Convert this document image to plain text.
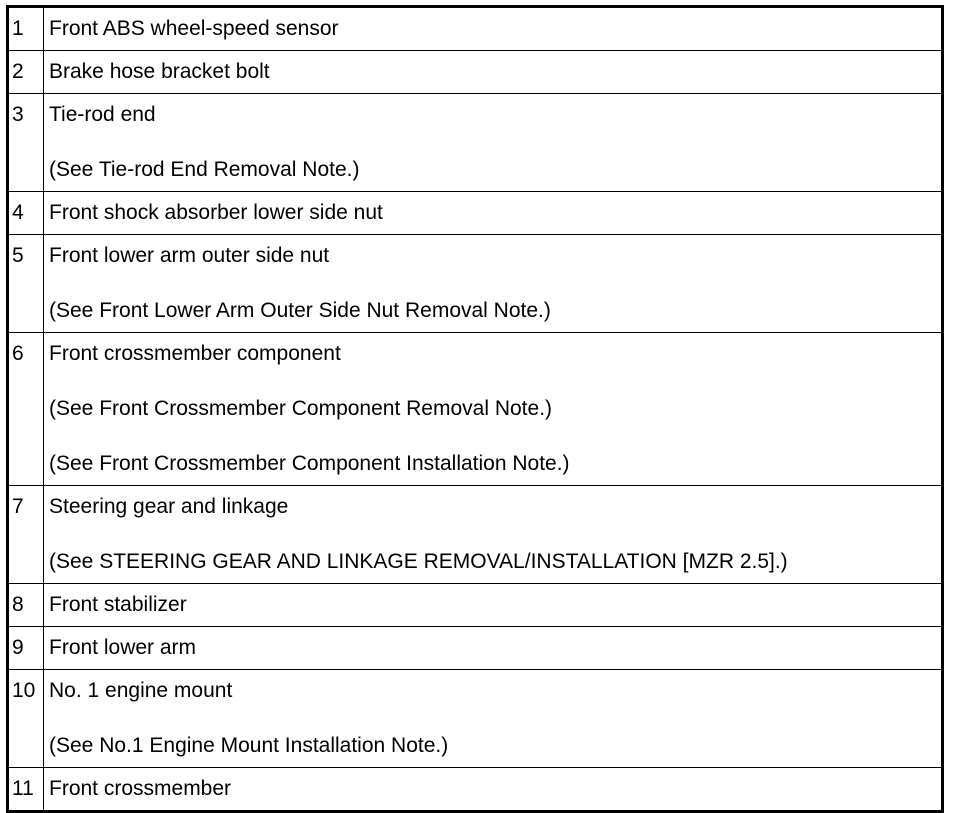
1	Front ABS wheel-speed sensor

2	Brake hose bracket bolt

3	Tie-rod end
(See Tie-rod End Removal Note.)

4	Front shock absorber lower side nut

5	Front lower arm outer side nut
(See Front Lower Arm Outer Side Nut Removal Note.)

6	Front crossmember component
(See Front Crossmember Component Removal Note.)
(See Front Crossmember Component Installation Note.)

7	Steering gear and linkage
(See STEERING GEAR AND LINKAGE REMOVAL/INSTALLATION [MZR 2.5].)

8	Front stabilizer

9	Front lower arm

10	No. 1 engine mount
(See No.1 Engine Mount Installation Note.)

11	Front crossmember
